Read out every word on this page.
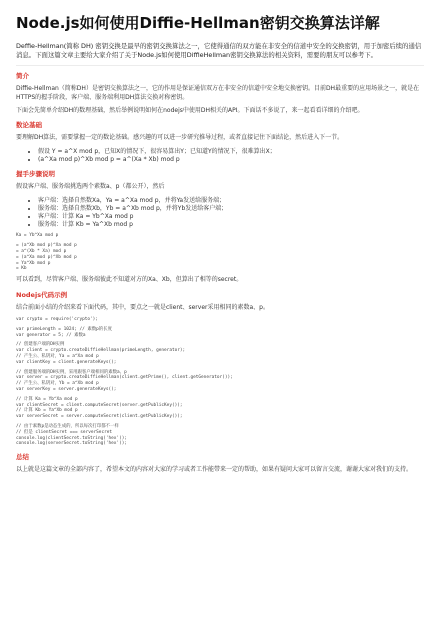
Node.js如何使用Diffie-Hellman密钥交换算法详解

Deffie-Hellman(简称 DH) 密钥交换是最早的密钥交换算法之一，它使得通信的双方能在非安全的信道中安全的交换密钥，用于加密后续的通信消息。下面这篇文章主要给大家介绍了关于Node.js如何使用DiffieHellman密钥交换算法的相关资料，需要的朋友可以参考下。

简介

Diffie-Hellman（简称DH）是密钥交换算法之一，它的作用是保证通信双方在非安全的信道中安全地交换密钥。目前DH最重要的应用场景之一，就是在HTTPS的握手阶段，客户端、服务端利用DH算法交换对称密钥。

下面会先简单介绍DH的数理基础，然后举例说明如何在nodejs中使用DH相关的API。下面话不多说了，来一起看看详细的介绍吧。

数论基础

要理解DH算法，需要掌握一定的数论基础。感兴趣的可以进一步研究推导过程，或者直接记住下面结论，然后进入下一节。

• 假设 Y = a^X mod p，已知X的情况下，很容易算出Y；已知道Y的情况下，很难算出X；
• (a^Xa mod p)^Xb mod p = a^(Xa * Xb) mod p
握手步骤说明

假设客户端、服务端挑选两个素数a、p（都公开），然后

• 客户端：选择自然数Xa，Ya = a^Xa mod p，并将Ya发送给服务端；
• 服务端：选择自然数Xb，Yb = a^Xb mod p，并将Yb发送给客户端；
• 客户端：计算 Ka = Yb^Xa mod p
• 服务端：计算 Kb = Ya^Xb mod p
Ka = Yb^Xa mod p
= (a^Xb mod p)^Xa mod p
= a^(Xb * Xa) mod p
= (a^Xa mod p)^Xb mod p
= Ya^Xb mod p
= Kb

可以看到，尽管客户端、服务端彼此不知道对方的Xa、Xb，但算出了相等的secret。

Nodejs代码示例

结合前面小结的介绍来看下面代码，其中，要点之一就是client、server采用相同的素数a、p。

var crypto = require('crypto');
var primeLength = 1024; // 素数p的长度
var generator = 5; // 素数a
// 创建客户端的DH实例
var client = crypto.createDiffieHellman(primeLength, generator);
// 产生公、私钥对，Ya = a^Xa mod p
var clientKey = client.generateKeys();
// 创建服务端的DH实例，采用跟客户端相同的素数a、p
var server = crypto.createDiffieHellman(client.getPrime(), client.getGenerator());
// 产生公、私钥对，Yb = a^Xb mod p
var serverKey = server.generateKeys();
// 计算 Ka = Yb^Xa mod p
var clientSecret = client.computeSecret(server.getPublicKey());
// 计算 Kb = Ya^Xb mod p
var serverSecret = server.computeSecret(client.getPublicKey());
// 由于素数p是动态生成的，所以每次打印都不一样
// 但是 clientSecret === serverSecret
console.log(clientSecret.toString('hex'));
console.log(serverSecret.toString('hex'));
总结

以上就是这篇文章的全部内容了，希望本文的内容对大家的学习或者工作能带来一定的帮助，如果有疑问大家可以留言交流，谢谢大家对我们的支持。
